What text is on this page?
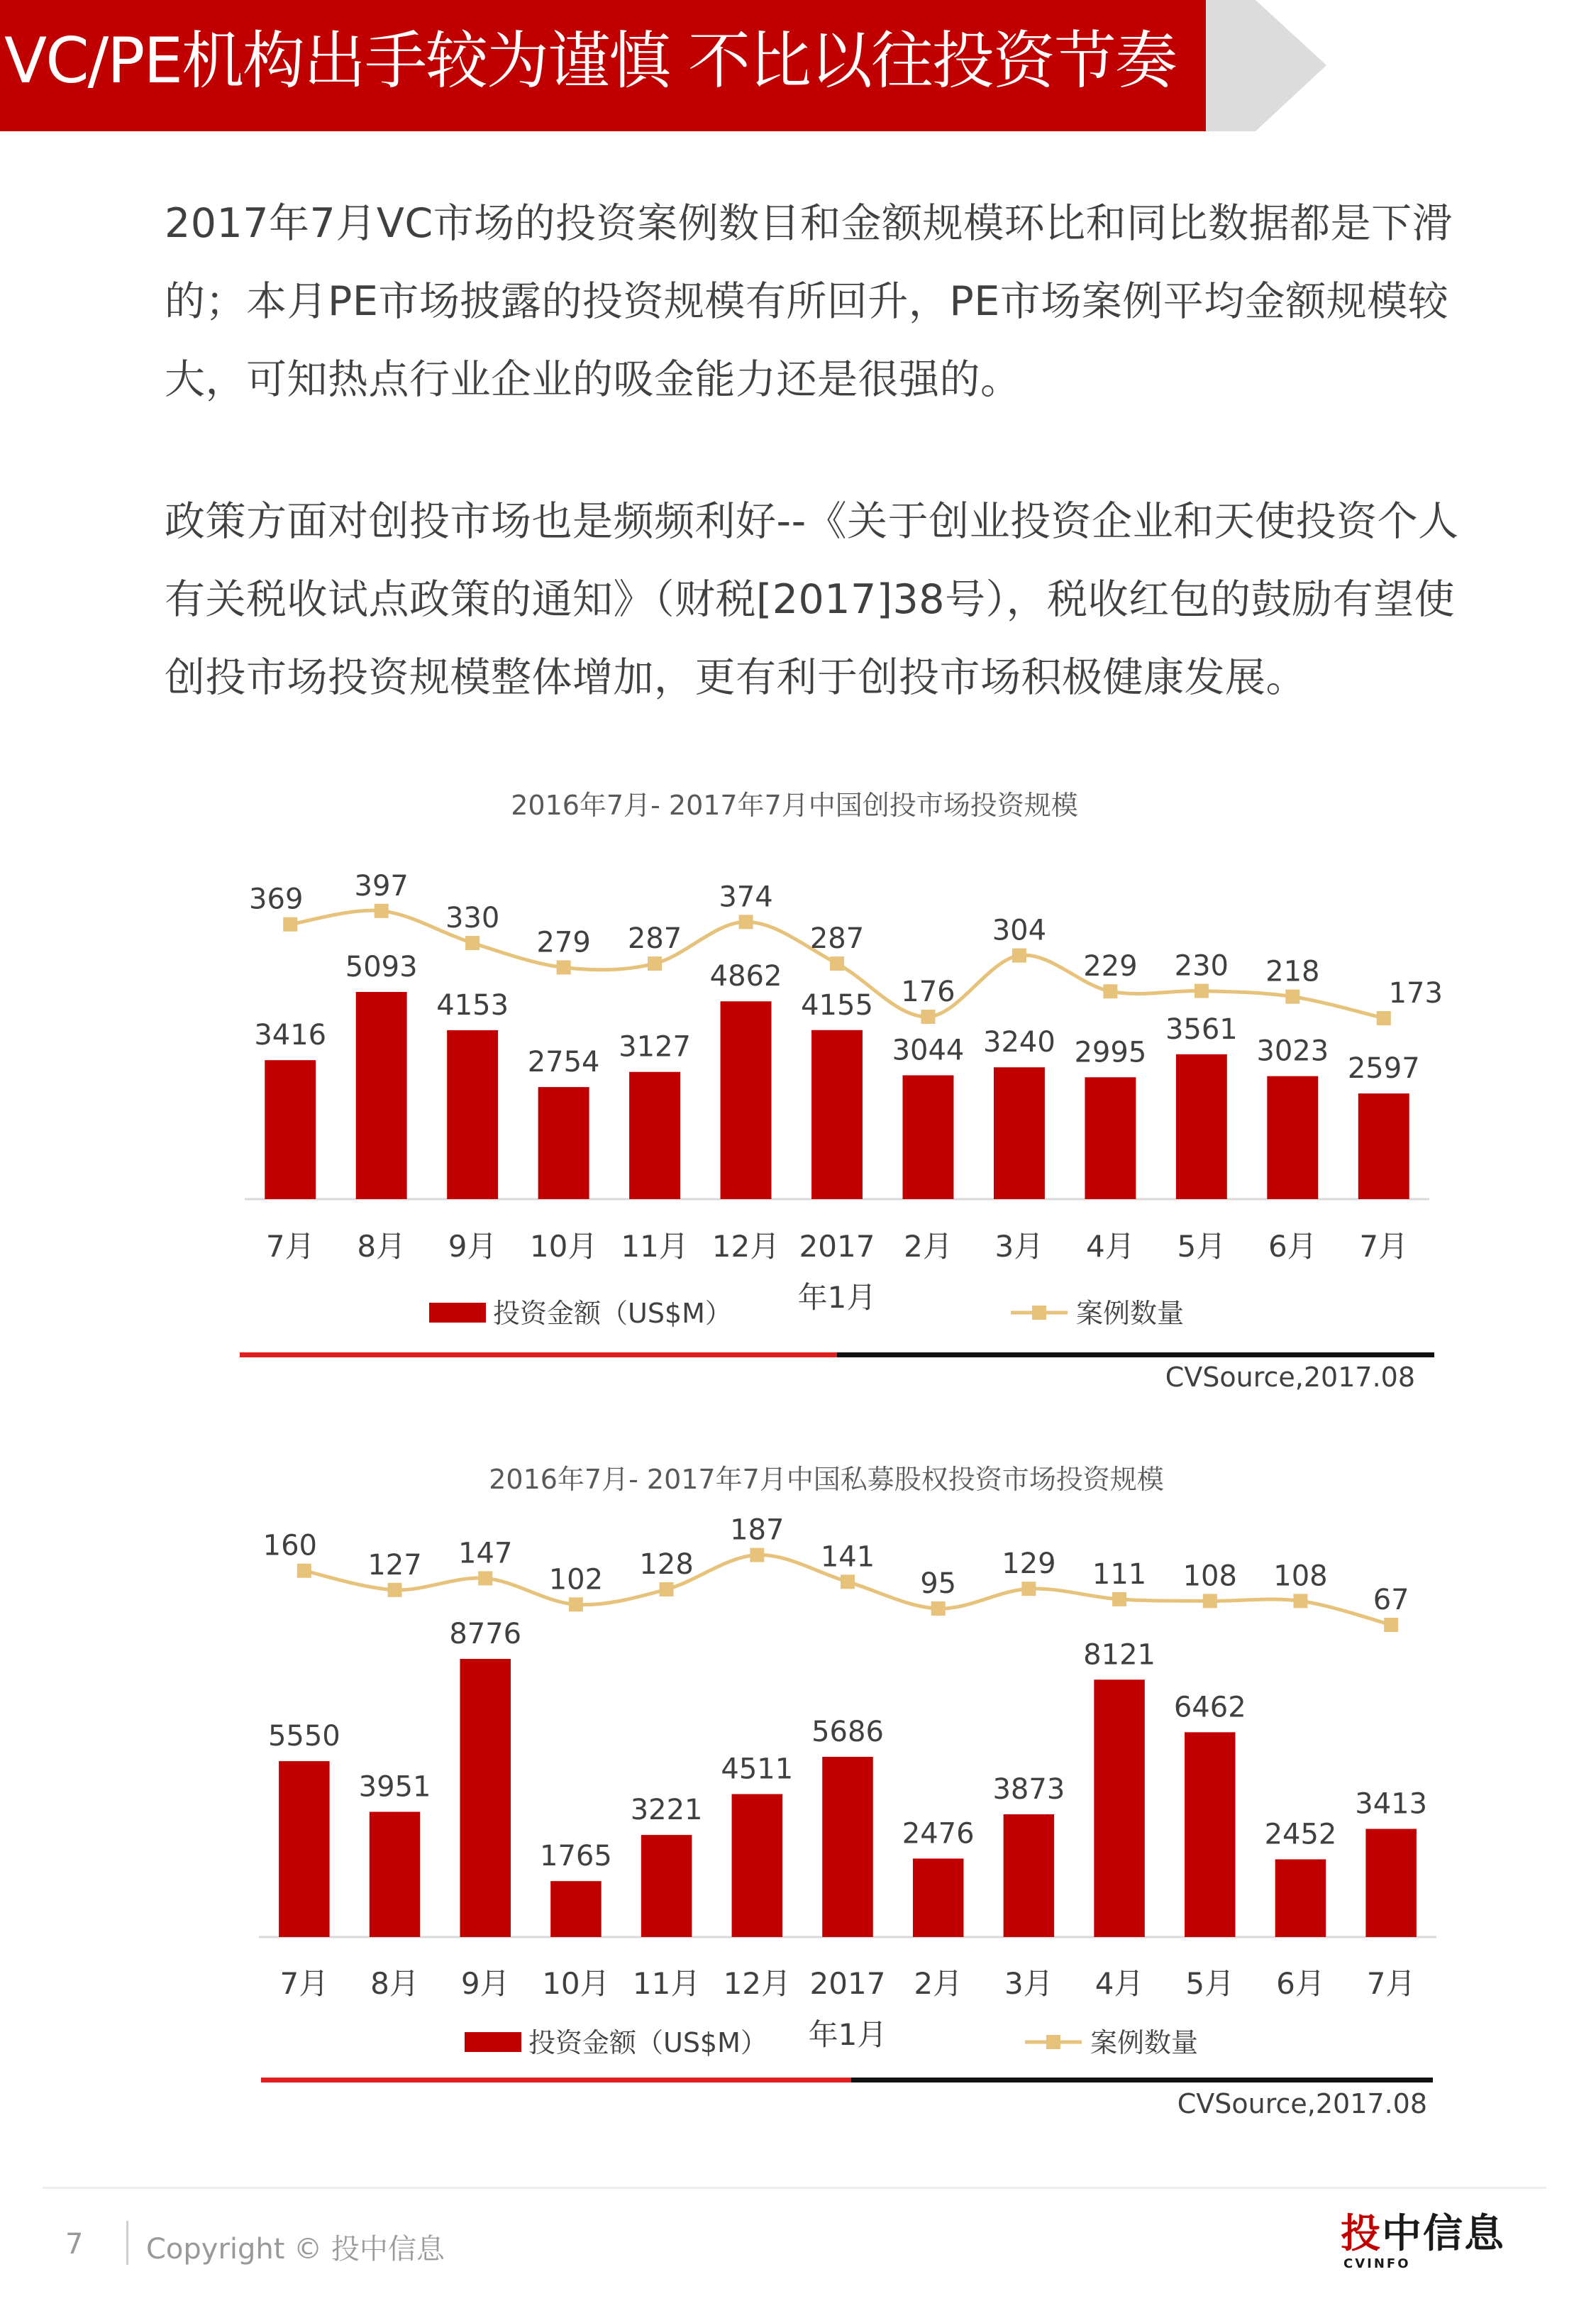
VC/PE机构出手较为谨慎 不比以往投资节奏
2017年7月VC市场的投资案例数目和金额规模环比和同比数据都是下滑的；本月PE市场披露的投资规模有所回升，PE市场案例平均金额规模较大，可知热点行业企业的吸金能力还是很强的。
政策方面对创投市场也是频频利好--《关于创业投资企业和天使投资个人有关税收试点政策的通知》（财税[2017]38号），税收红包的鼓励有望使创投市场投资规模整体增加，更有利于创投市场积极健康发展。
2016年7月- 2017年7月中国创投市场投资规模
3416
5093
4153
2754 3127
4862
4155
3044 3240 2995
3561
3023
2597
7月 8月 9月 10月 11月 12月 2017 年1月
2月 3月 4月 5月 6月 7月
369 397
330
279 287
374
287
176
304
229 230 218
173
投资金额（US$M）	案例数量
CVSource,2017.08
2016年7月- 2017年7月中国私募股权投资市场投资规模
5550
3951
8776
1765
3221
4511
5686
2476
3873
8121
6462
2452
3413
7月 8月 9月 10月 11月 12月 2017 年1月
2月 3月 4月 5月 6月 7月
160
127 147
102 128
187
141
95
129 111 108 108
67
投资金额（US$M）	案例数量
CVSource,2017.08
7 Copyright © 投中信息	投中信息
CVINFO
